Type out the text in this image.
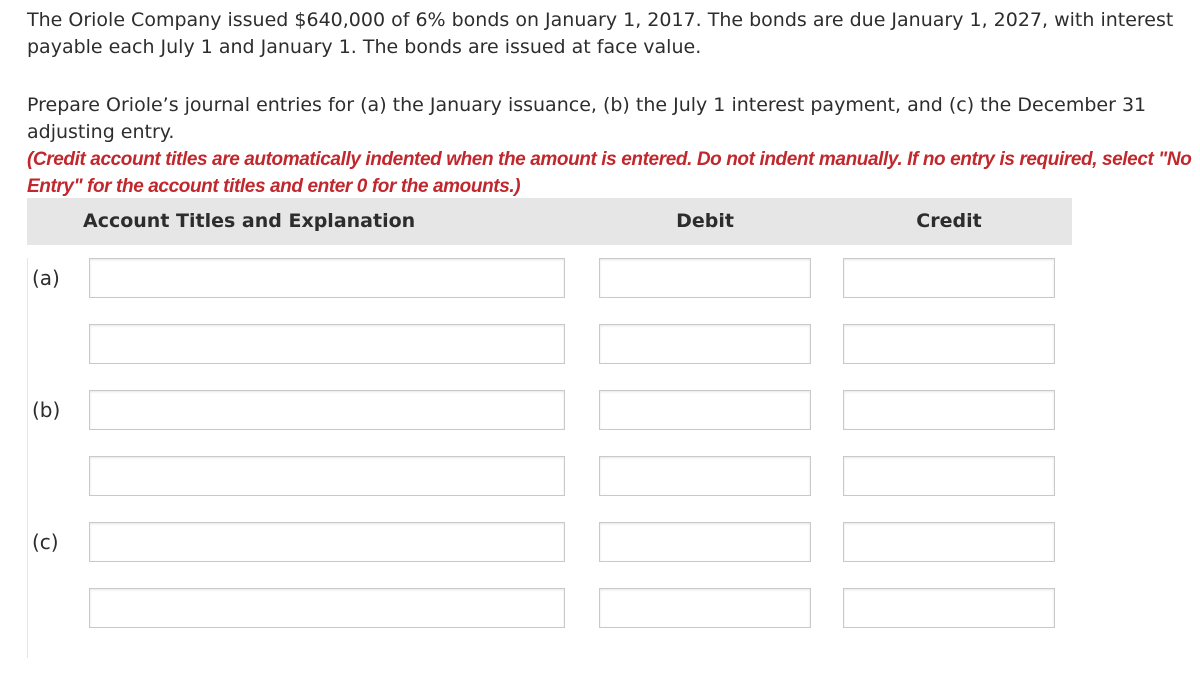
The Oriole Company issued $640,000 of 6% bonds on January 1, 2017. The bonds are due January 1, 2027, with interest payable each July 1 and January 1. The bonds are issued at face value.

Prepare Oriole’s journal entries for (a) the January issuance, (b) the July 1 interest payment, and (c) the December 31 adjusting entry.
(Credit account titles are automatically indented when the amount is entered. Do not indent manually. If no entry is required, select "No Entry" for the account titles and enter 0 for the amounts.)

Account Titles and Explanation	Debit	Credit
(a)
(b)
(c)
